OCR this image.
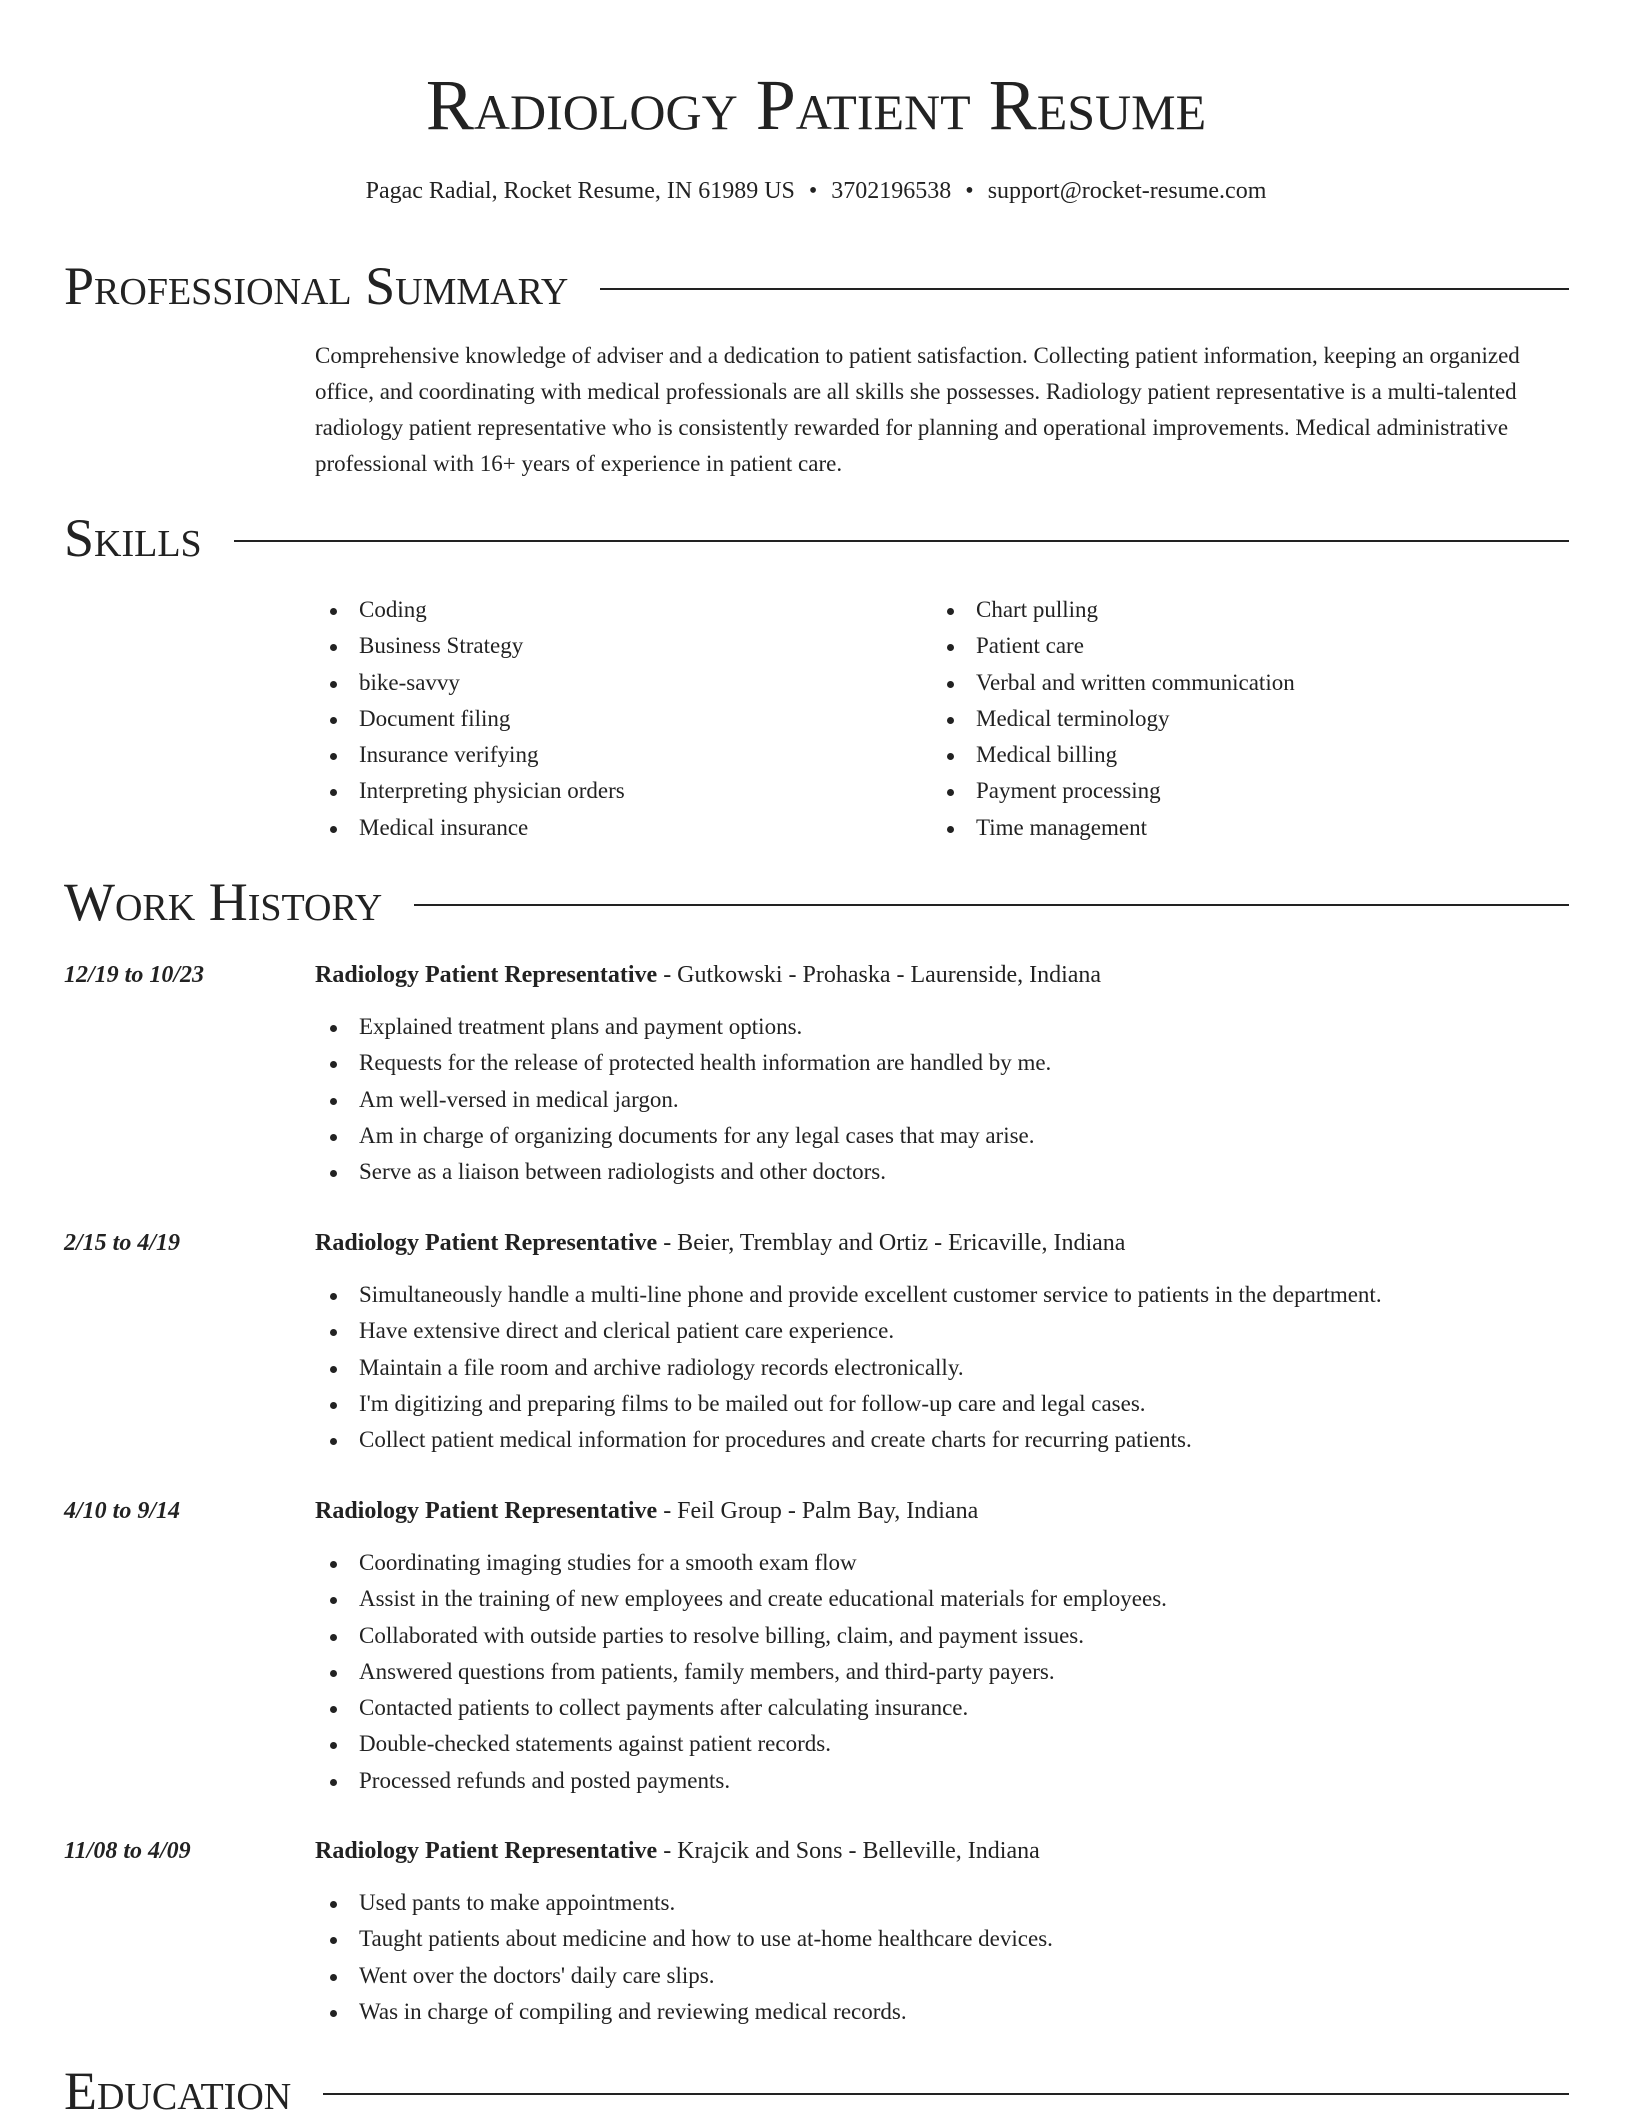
Radiology Patient Resume
Pagac Radial, Rocket Resume, IN 61989 US • 3702196538 • support@rocket-resume.com
Professional Summary

Comprehensive knowledge of adviser and a dedication to patient satisfaction. Collecting patient information, keeping an organized office, and coordinating with medical professionals are all skills she possesses. Radiology patient representative is a multi-talented radiology patient representative who is consistently rewarded for planning and operational improvements. Medical administrative professional with 16+ years of experience in patient care.

Skills
Coding
Business Strategy
bike-savvy
Document filing
Insurance verifying
Interpreting physician orders
Medical insurance
Chart pulling
Patient care
Verbal and written communication
Medical terminology
Medical billing
Payment processing
Time management
Work History
12/19 to 10/23	Radiology Patient Representative - Gutkowski - Prohaska - Laurenside, Indiana
Explained treatment plans and payment options.
Requests for the release of protected health information are handled by me.
Am well-versed in medical jargon.
Am in charge of organizing documents for any legal cases that may arise.
Serve as a liaison between radiologists and other doctors.
2/15 to 4/19	Radiology Patient Representative - Beier, Tremblay and Ortiz - Ericaville, Indiana
Simultaneously handle a multi-line phone and provide excellent customer service to patients in the department.
Have extensive direct and clerical patient care experience.
Maintain a file room and archive radiology records electronically.
I'm digitizing and preparing films to be mailed out for follow-up care and legal cases.
Collect patient medical information for procedures and create charts for recurring patients.
4/10 to 9/14	Radiology Patient Representative - Feil Group - Palm Bay, Indiana
Coordinating imaging studies for a smooth exam flow
Assist in the training of new employees and create educational materials for employees.
Collaborated with outside parties to resolve billing, claim, and payment issues.
Answered questions from patients, family members, and third-party payers.
Contacted patients to collect payments after calculating insurance.
Double-checked statements against patient records.
Processed refunds and posted payments.
11/08 to 4/09	Radiology Patient Representative - Krajcik and Sons - Belleville, Indiana
Used pants to make appointments.
Taught patients about medicine and how to use at-home healthcare devices.
Went over the doctors' daily care slips.
Was in charge of compiling and reviewing medical records.
Education
